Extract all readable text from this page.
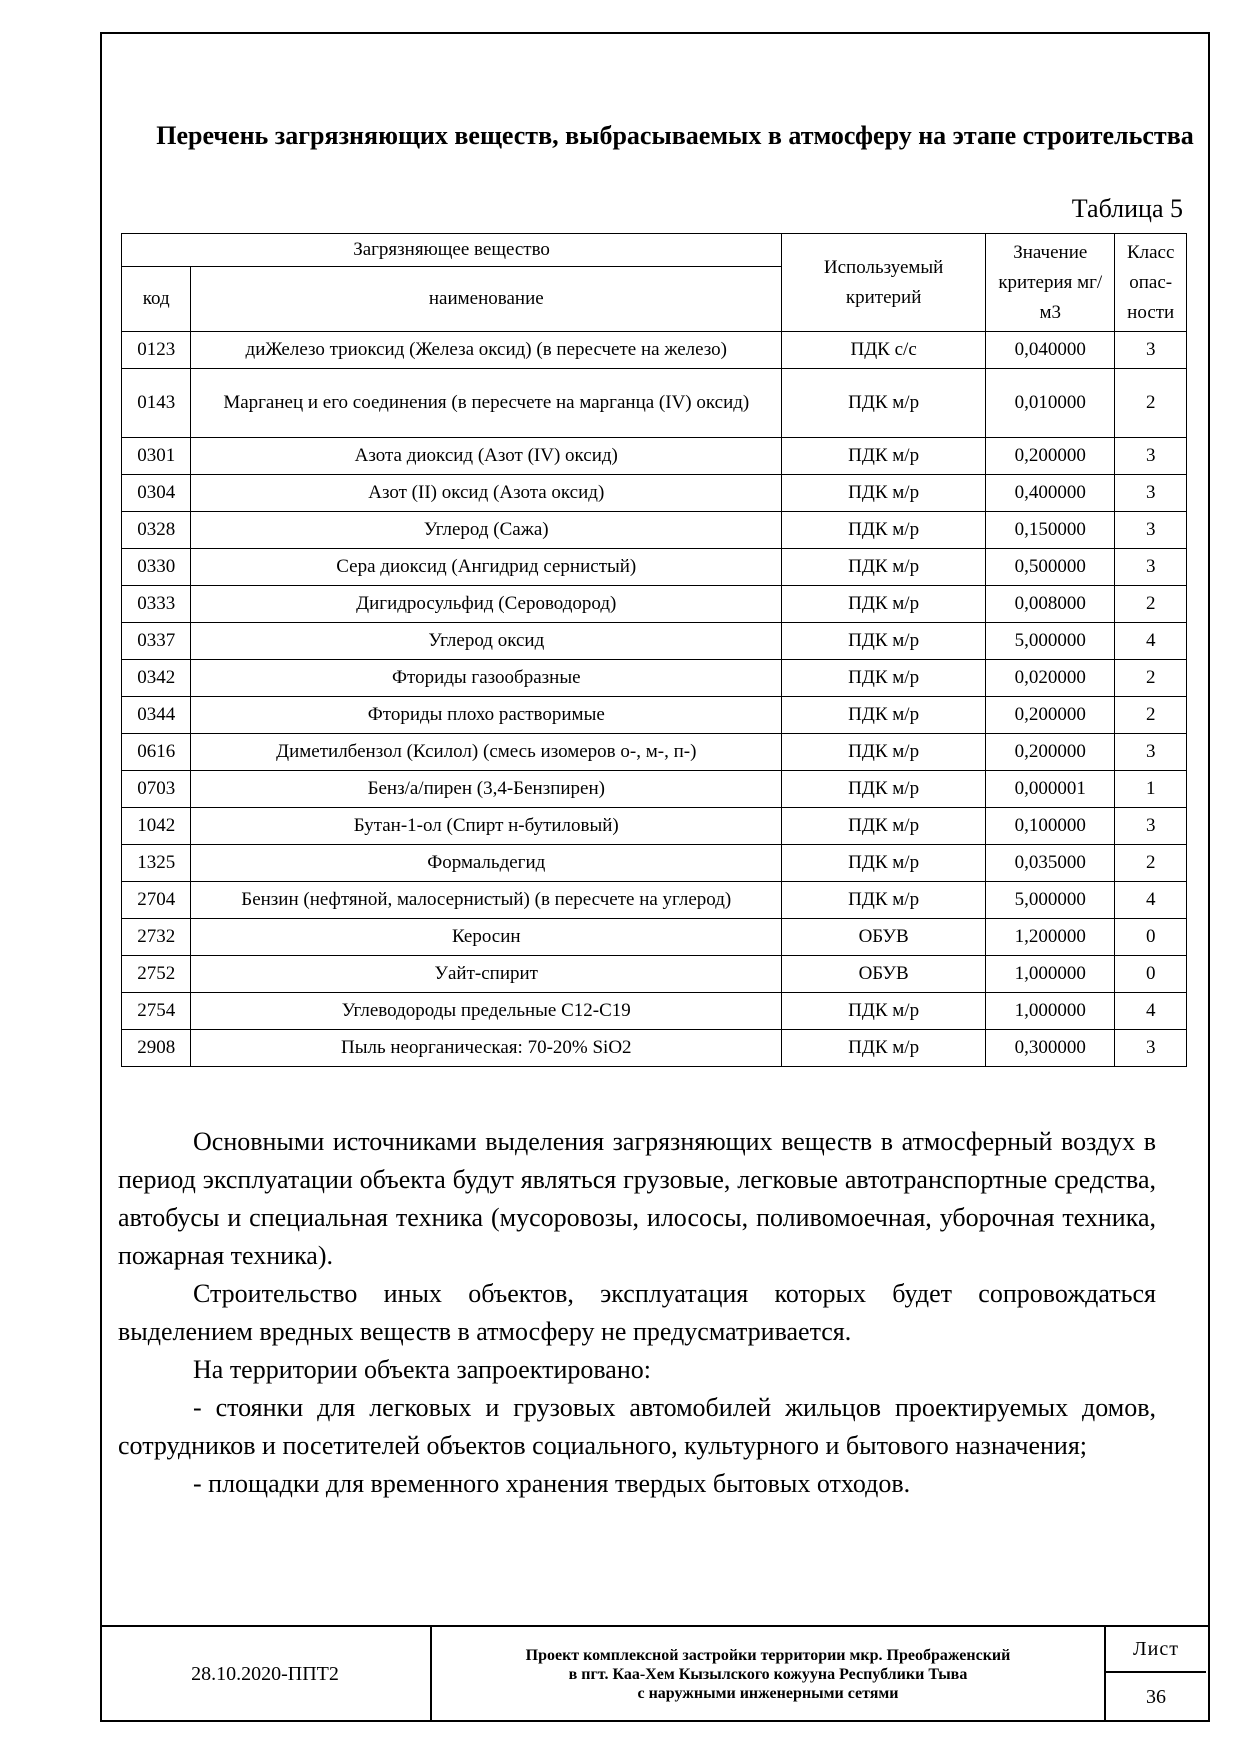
Перечень загрязняющих веществ, выбрасываемых в атмосферу на этапе строительства
Таблица 5
Загрязняющее вещество		Используемый критерий	Значение критерия мг/м3	Класс опас-ности
код	наименование			
0123	диЖелезо триоксид (Железа оксид) (в пересчете на железо)	ПДК с/с	0,040000	3
0143	Марганец и его соединения (в пересчете на марганца (IV) оксид)	ПДК м/р	0,010000	2
0301	Азота диоксид (Азот (IV) оксид)	ПДК м/р	0,200000	3
0304	Азот (II) оксид (Азота оксид)	ПДК м/р	0,400000	3
0328	Углерод (Сажа)	ПДК м/р	0,150000	3
0330	Сера диоксид (Ангидрид сернистый)	ПДК м/р	0,500000	3
0333	Дигидросульфид (Сероводород)	ПДК м/р	0,008000	2
0337	Углерод оксид	ПДК м/р	5,000000	4
0342	Фториды газообразные	ПДК м/р	0,020000	2
0344	Фториды плохо растворимые	ПДК м/р	0,200000	2
0616	Диметилбензол (Ксилол) (смесь изомеров о-, м-, п-)	ПДК м/р	0,200000	3
0703	Бенз/а/пирен (3,4-Бензпирен)	ПДК м/р	0,000001	1
1042	Бутан-1-ол (Спирт н-бутиловый)	ПДК м/р	0,100000	3
1325	Формальдегид	ПДК м/р	0,035000	2
2704	Бензин (нефтяной, малосернистый) (в пересчете на углерод)	ПДК м/р	5,000000	4
2732	Керосин	ОБУВ	1,200000	0
2752	Уайт-спирит	ОБУВ	1,000000	0
2754	Углеводороды предельные С12-С19	ПДК м/р	1,000000	4
2908	Пыль неорганическая: 70-20% SiO2	ПДК м/р	0,300000	3

Основными источниками выделения загрязняющих веществ в атмосферный воздух в период эксплуатации объекта будут являться грузовые, легковые автотранспортные средства, автобусы и специальная техника (мусоровозы, илососы, поливомоечная, уборочная техника, пожарная техника).

Строительство иных объектов, эксплуатация которых будет сопровождаться выделением вредных веществ в атмосферу не предусматривается.

На территории объекта запроектировано:

- стоянки для легковых и грузовых автомобилей жильцов проектируемых домов, сотрудников и посетителей объектов социального, культурного и бытового назначения;

- площадки для временного хранения твердых бытовых отходов.

28.10.2020-ППТ2
Проект комплексной застройки территории мкр. Преображенский
в пгт. Каа-Хем Кызылского кожууна Республики Тыва
с наружными инженерными сетями
Лист
36
